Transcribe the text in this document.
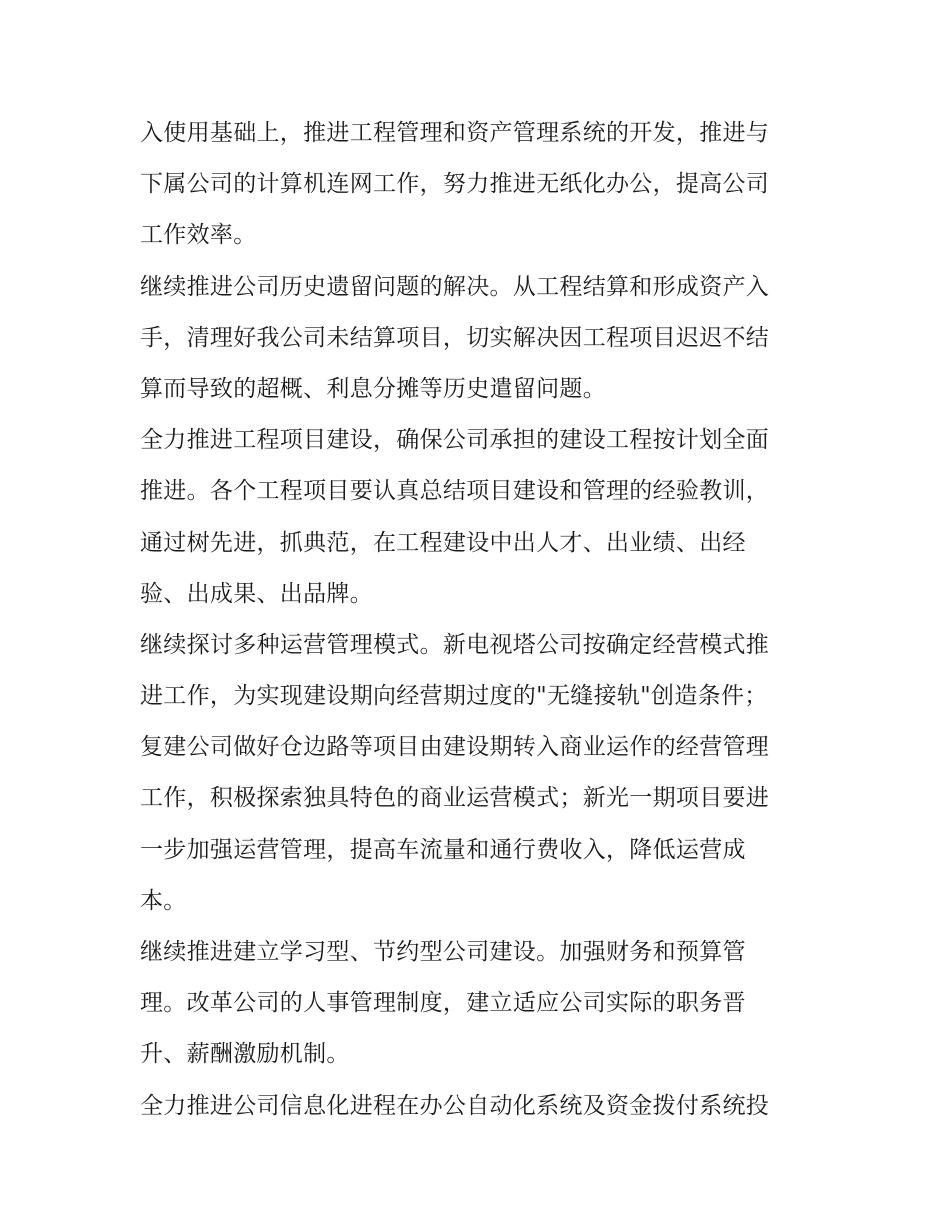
入使用基础上，推进工程管理和资产管理系统的开发，推进与
下属公司的计算机连网工作，努力推进无纸化办公，提高公司
工作效率。
继续推进公司历史遗留问题的解决。从工程结算和形成资产入
手，清理好我公司未结算项目，切实解决因工程项目迟迟不结
算而导致的超概、利息分摊等历史遣留问题。
全力推进工程项目建设，确保公司承担的建设工程按计划全面
推进。各个工程项目要认真总结项目建设和管理的经验教训，
通过树先进，抓典范，在工程建设中出人才、出业绩、出经
验、出成果、出品牌。
继续探讨多种运营管理模式。新电视塔公司按确定经营模式推
进工作，为实现建设期向经营期过度的"无缝接轨"创造条件；
复建公司做好仓边路等项目由建设期转入商业运作的经营管理
工作，积极探索独具特色的商业运营模式；新光一期项目要进
一步加强运营管理，提高车流量和通行费收入，降低运营成
本。
继续推进建立学习型、节约型公司建设。加强财务和预算管
理。改革公司的人事管理制度，建立适应公司实际的职务晋
升、薪酬激励机制。
全力推进公司信息化进程在办公自动化系统及资金拨付系统投
